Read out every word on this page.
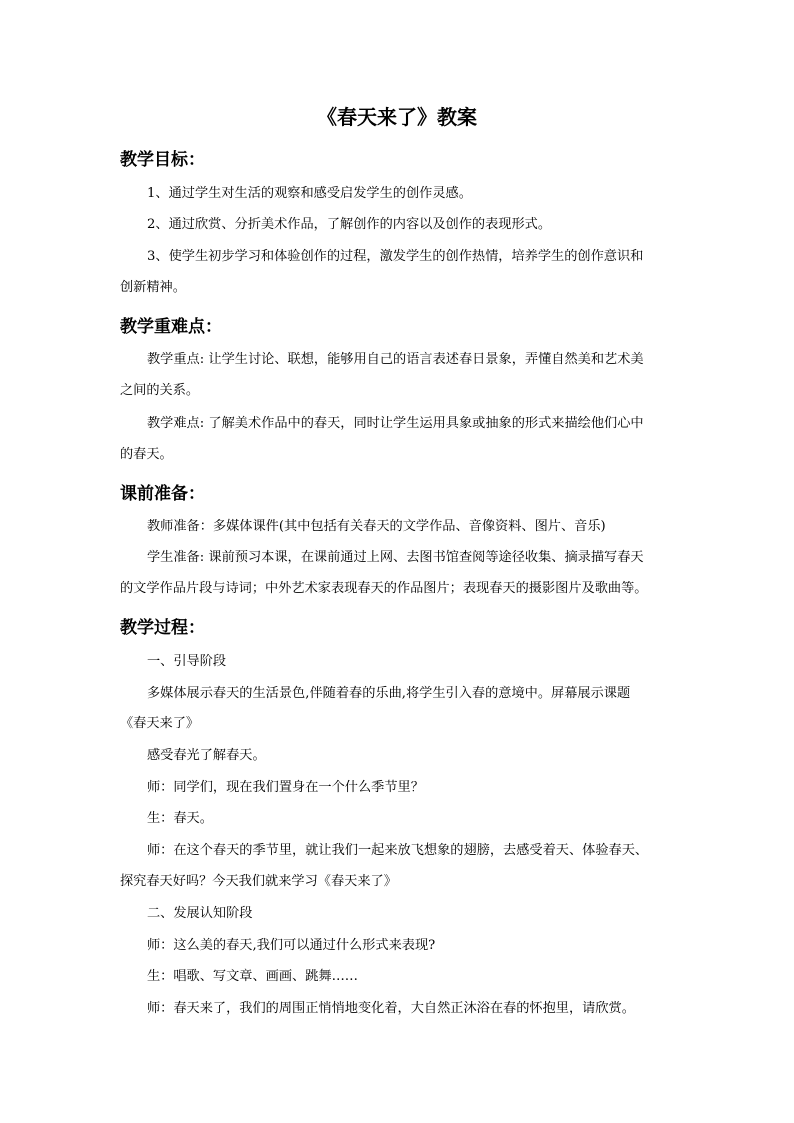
《春天来了》教案
教学目标：
1、通过学生对生活的观察和感受启发学生的创作灵感。
2、通过欣赏、分折美术作品，了解创作的内容以及创作的表现形式。
3、使学生初步学习和体验创作的过程，激发学生的创作热情，培养学生的创作意识和
创新精神。
教学重难点：
教学重点: 让学生讨论、联想，能够用自己的语言表述春日景象，弄懂自然美和艺术美
之间的关系。
教学难点: 了解美术作品中的春天，同时让学生运用具象或抽象的形式来描绘他们心中
的春天。
课前准备：
教师准备：多媒体课件(其中包括有关春天的文学作品、音像资料、图片、音乐)
学生准备: 课前预习本课，在课前通过上网、去图书馆查阅等途径收集、摘录描写春天
的文学作品片段与诗词；中外艺术家表现春天的作品图片；表现春天的摄影图片及歌曲等。
教学过程：
一、引导阶段
多媒体展示春天的生活景色,伴随着春的乐曲,将学生引入春的意境中。屏幕展示课题
《春天来了》
感受春光了解春天。
师：同学们，现在我们置身在一个什么季节里？
生：春天。
师：在这个春天的季节里，就让我们一起来放飞想象的翅膀，去感受着天、体验春天、
探究春天好吗？今天我们就来学习《春天来了》
二、发展认知阶段
师：这么美的春天,我们可以通过什么形式来表现?
生：唱歌、写文章、画画、跳舞……
师：春天来了，我们的周围正悄悄地变化着，大自然正沐浴在春的怀抱里，请欣赏。
